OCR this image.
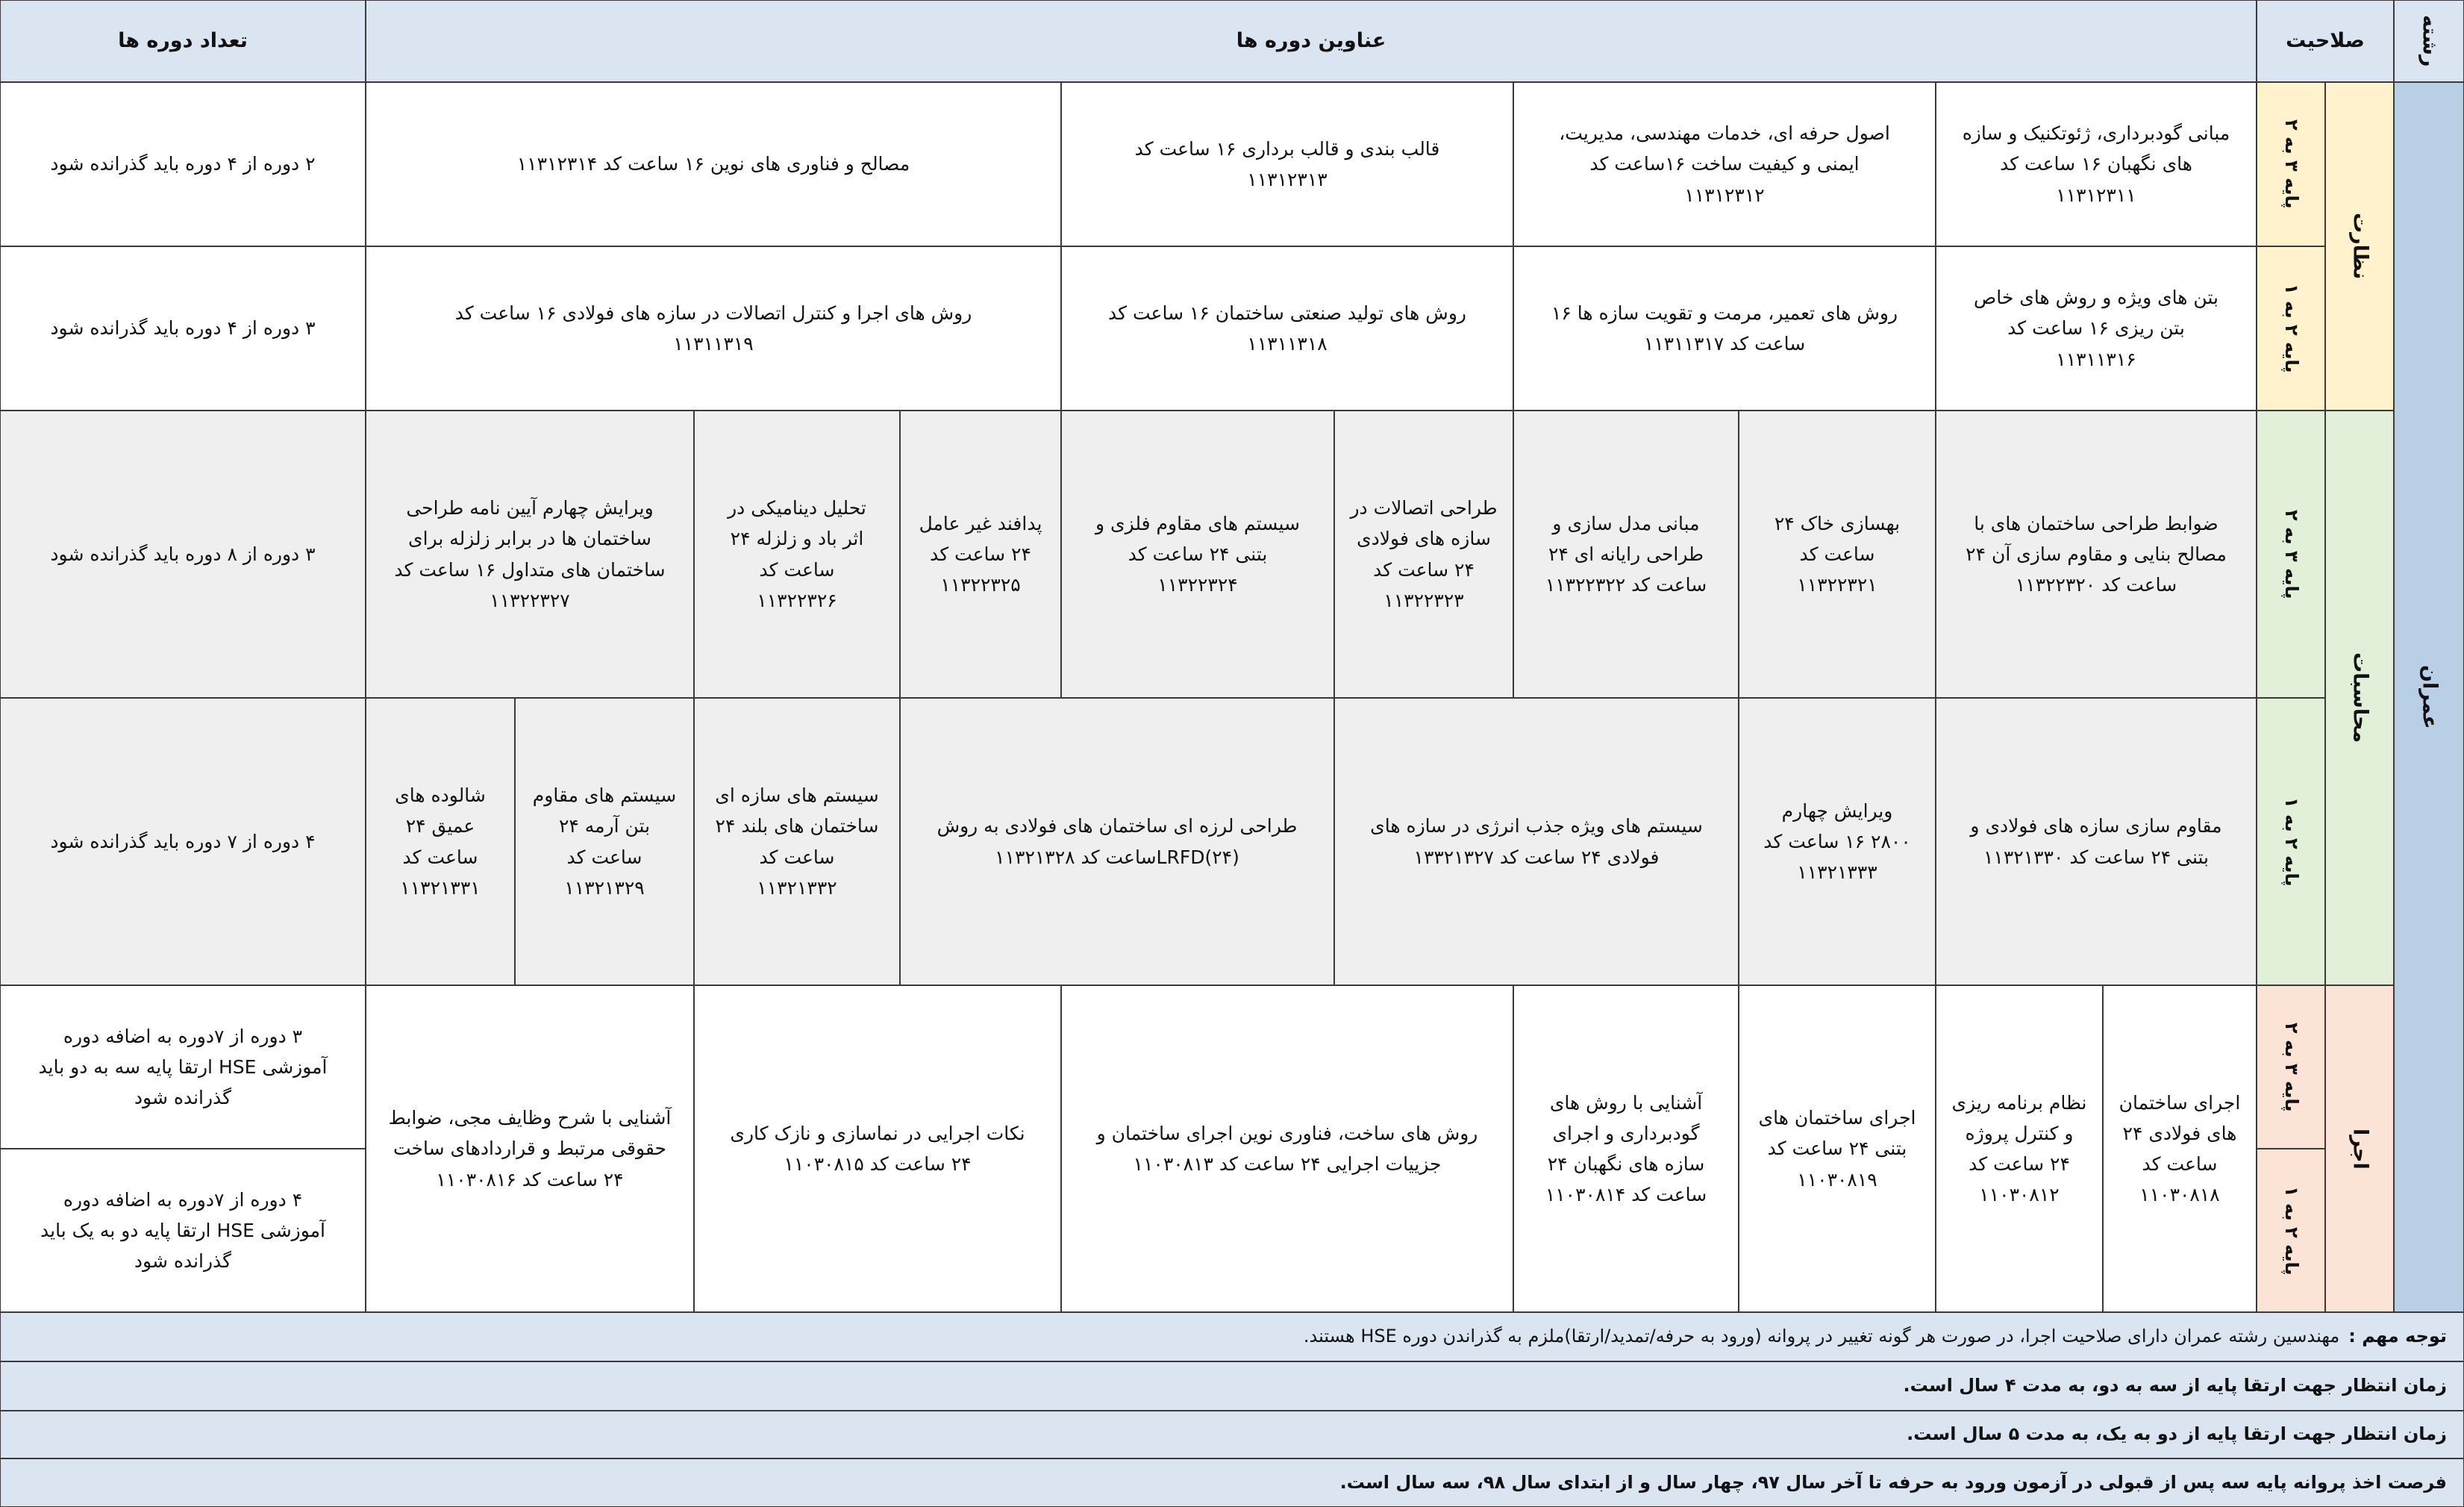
رشته
صلاحیت
عناوین دوره ها
تعداد دوره ها
عمران
نظارت
پایه ۳ به ۲
پایه ۲ به ۱
مبانی گودبرداری، ژئوتکنیک و سازه
های نگهبان ۱۶ ساعت کد
۱۱۳۱۲۳۱۱
اصول حرفه ای، خدمات مهندسی، مدیریت،
ایمنی و کیفیت ساخت ۱۶ساعت کد
۱۱۳۱۲۳۱۲
قالب بندی و قالب برداری ۱۶ ساعت کد
۱۱۳۱۲۳۱۳
مصالح و فناوری های نوین ۱۶ ساعت کد ۱۱۳۱۲۳۱۴
۲ دوره از ۴ دوره باید گذرانده شود
بتن های ویژه و روش های خاص
بتن ریزی ۱۶ ساعت کد
۱۱۳۱۱۳۱۶
روش های تعمیر، مرمت و تقویت سازه ها ۱۶
ساعت کد ۱۱۳۱۱۳۱۷
روش های تولید صنعتی ساختمان ۱۶ ساعت کد
۱۱۳۱۱۳۱۸
روش های اجرا و کنترل اتصالات در سازه های فولادی ۱۶ ساعت کد
۱۱۳۱۱۳۱۹
۳ دوره از ۴ دوره باید گذرانده شود
محاسبات
پایه ۳ به ۲
پایه ۲ به ۱
ضوابط طراحی ساختمان های با
مصالح بنایی و مقاوم سازی آن ۲۴
ساعت کد ۱۱۳۲۲۳۲۰
بهسازی خاک ۲۴
ساعت کد
۱۱۳۲۲۳۲۱
مبانی مدل سازی و
طراحی رایانه ای ۲۴
ساعت کد ۱۱۳۲۲۳۲۲
طراحی اتصالات در
سازه های فولادی
۲۴ ساعت کد
۱۱۳۲۲۳۲۳
سیستم های مقاوم فلزی و
بتنی ۲۴ ساعت کد
۱۱۳۲۲۳۲۴
پدافند غیر عامل
۲۴ ساعت کد
۱۱۳۲۲۳۲۵
تحلیل دینامیکی در
اثر باد و زلزله ۲۴
ساعت کد
۱۱۳۲۲۳۲۶
ویرایش چهارم آیین نامه طراحی
ساختمان ها در برابر زلزله برای
ساختمان های متداول ۱۶ ساعت کد
۱۱۳۲۲۳۲۷
۳ دوره از ۸ دوره باید گذرانده شود
مقاوم سازی سازه های فولادی و
بتنی ۲۴ ساعت کد ۱۱۳۲۱۳۳۰
ویرایش چهارم
۲۸۰۰ ۱۶ ساعت کد
۱۱۳۲۱۳۳۳
سیستم های ویژه جذب انرژی در سازه های
فولادی ۲۴ ساعت کد ۱۳۳۲۱۳۲۷
طراحی لرزه ای ساختمان های فولادی به روش
LRFD(۲۴)ساعت کد ۱۱۳۲۱۳۲۸
سیستم های سازه ای
ساختمان های بلند ۲۴
ساعت کد
۱۱۳۲۱۳۳۲
سیستم های مقاوم
بتن آرمه ۲۴
ساعت کد
۱۱۳۲۱۳۲۹
شالوده های
عمیق ۲۴
ساعت کد
۱۱۳۲۱۳۳۱
۴ دوره از ۷ دوره باید گذرانده شود
اجرا
پایه ۳ به ۲
پایه ۲ به ۱
اجرای ساختمان
های فولادی ۲۴
ساعت کد
۱۱۰۳۰۸۱۸
نظام برنامه ریزی
و کنترل پروژه
۲۴ ساعت کد
۱۱۰۳۰۸۱۲
اجرای ساختمان های
بتنی ۲۴ ساعت کد
۱۱۰۳۰۸۱۹
آشنایی با روش های
گودبرداری و اجرای
سازه های نگهبان ۲۴
ساعت کد ۱۱۰۳۰۸۱۴
روش های ساخت، فناوری نوین اجرای ساختمان و
جزییات اجرایی ۲۴ ساعت کد ۱۱۰۳۰۸۱۳
نکات اجرایی در نماسازی و نازک کاری
۲۴ ساعت کد ۱۱۰۳۰۸۱۵
آشنایی با شرح وظایف مجی، ضوابط
حقوقی مرتبط و قراردادهای ساخت
۲۴ ساعت کد ۱۱۰۳۰۸۱۶
۳ دوره از ۷دوره به اضافه دوره
آموزشی HSE ارتقا پایه سه به دو باید
گذرانده شود
۴ دوره از ۷دوره به اضافه دوره
آموزشی HSE ارتقا پایه دو به یک باید
گذرانده شود
توجه مهم :مهندسین رشته عمران دارای صلاحیت اجرا، در صورت هر گونه تغییر در پروانه (ورود به حرفه/تمدید/ارتقا)ملزم به گذراندن دوره HSE هستند.
زمان انتظار جهت ارتقا پایه از سه به دو، به مدت ۴ سال است.
زمان انتظار جهت ارتقا پایه از دو به یک، به مدت ۵ سال است.
فرصت اخذ پروانه پایه سه پس از قبولی در آزمون ورود به حرفه تا آخر سال ۹۷، چهار سال و از ابتدای سال ۹۸، سه سال است.
